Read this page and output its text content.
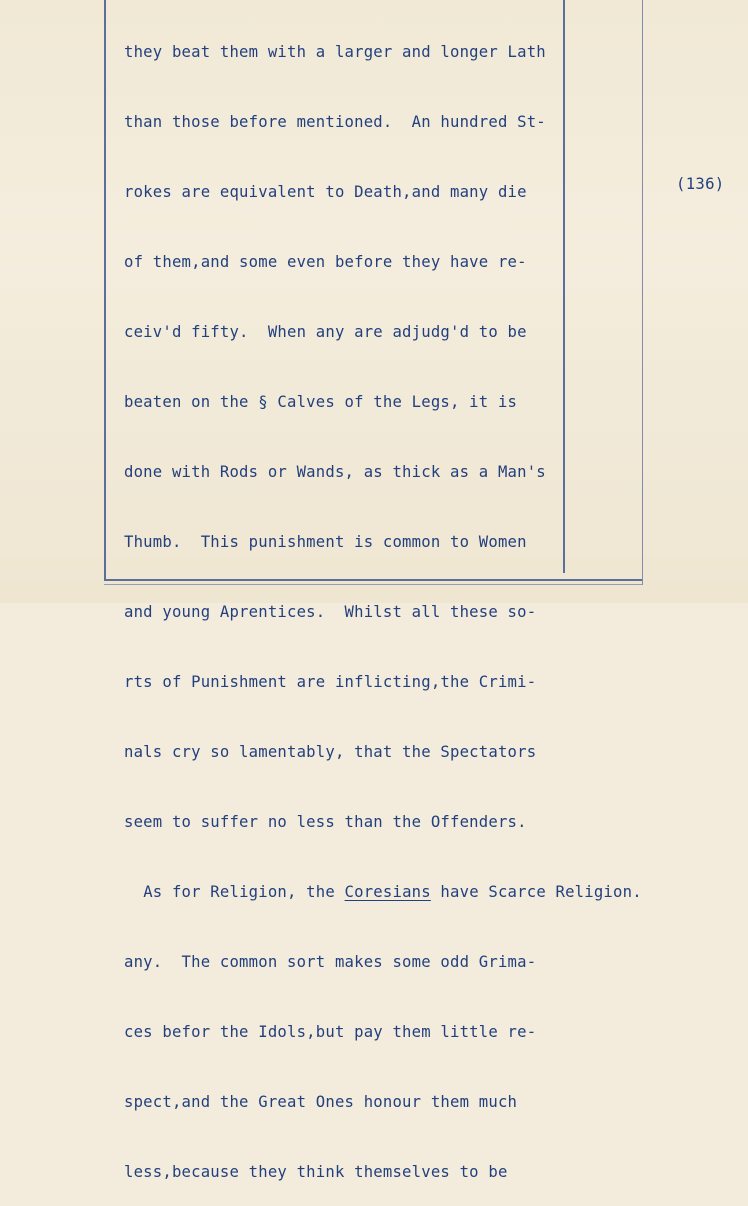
they beat them with a larger and longer Lath

than those before mentioned.  An hundred St-

rokes are equivalent to Death,and many die

of them,and some even before they have re-

ceiv'd fifty.  When any are adjudg'd to be

beaten on the § Calves of the Legs, it is

done with Rods or Wands, as thick as a Man's

Thumb.  This punishment is common to Women

and young Aprentices.  Whilst all these so-

rts of Punishment are inflicting,the Crimi-

nals cry so lamentably, that the Spectators

seem to suffer no less than the Offenders.

As for Religion, the Coresians have Scarce Religion.

any.  The common sort makes some odd Grima-

ces befor the Idols,but pay them little re-

spect,and the Great Ones honour them much

less,because they think themselves to be

(136)
